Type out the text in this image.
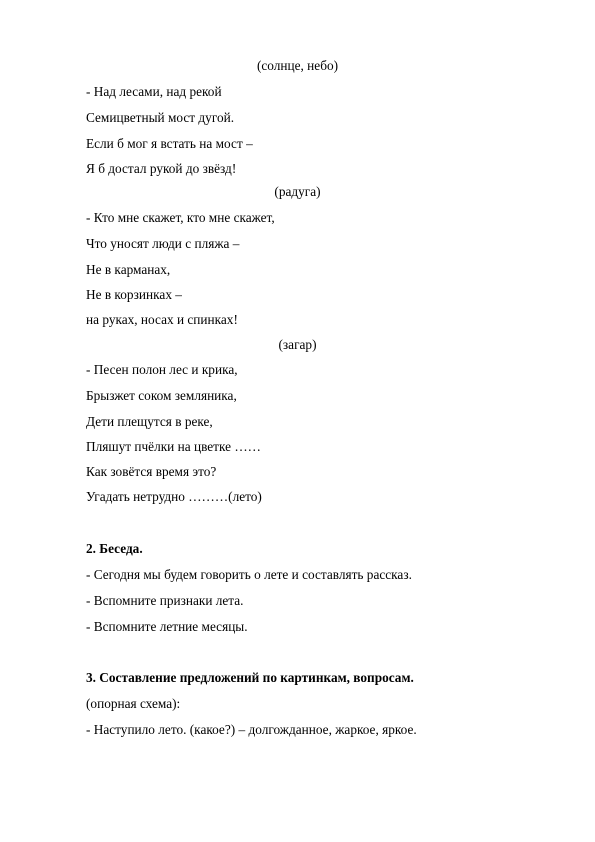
(солнце, небо)
- Над лесами, над рекой
Семицветный мост дугой.
Если б мог я встать на мост –
Я б достал рукой до звёзд!
(радуга)
- Кто мне скажет, кто мне скажет,
Что уносят люди с пляжа –
Не в карманах,
Не в корзинках –
на руках, носах и спинках!
(загар)
- Песен полон лес и крика,
Брызжет соком земляника,
Дети плещутся в реке,
Пляшут пчёлки на цветке ……
Как зовётся время это?
Угадать нетрудно ………(лето)
2. Беседа.
- Сегодня мы будем говорить о лете и составлять рассказ.
- Вспомните признаки лета.
- Вспомните летние месяцы.
3. Составление предложений по картинкам, вопросам.
(опорная схема):
- Наступило лето. (какое?) – долгожданное, жаркое, яркое.
